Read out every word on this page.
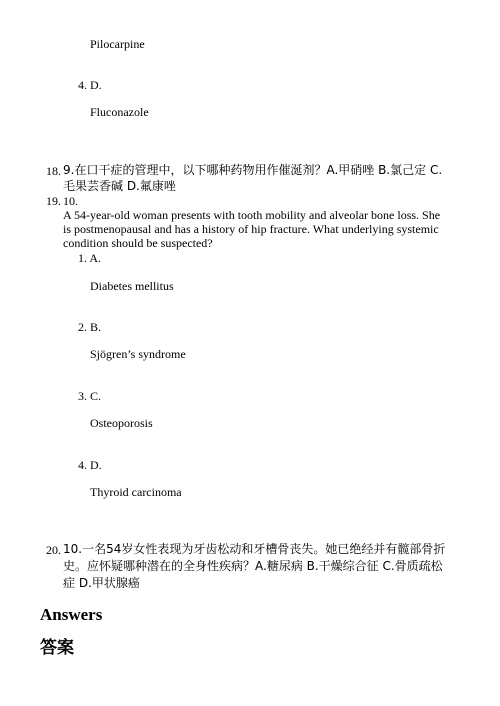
Pilocarpine
4. D.
Fluconazole
18. 9.在口干症的管理中，以下哪种药物用作催涎剂？A.甲硝唑 B.氯己定 C.
毛果芸香碱 D.氟康唑
19. 10.
A 54-year-old woman presents with tooth mobility and alveolar bone loss. She
is postmenopausal and has a history of hip fracture. What underlying systemic
condition should be suspected?
1. A.
Diabetes mellitus
2. B.
Sjögren’s syndrome
3. C.
Osteoporosis
4. D.
Thyroid carcinoma
20. 10.一名54岁女性表现为牙齿松动和牙槽骨丧失。她已绝经并有髋部骨折
史。应怀疑哪种潜在的全身性疾病？A.糖尿病 B.干燥综合征 C.骨质疏松
症 D.甲状腺癌
Answers
答案
